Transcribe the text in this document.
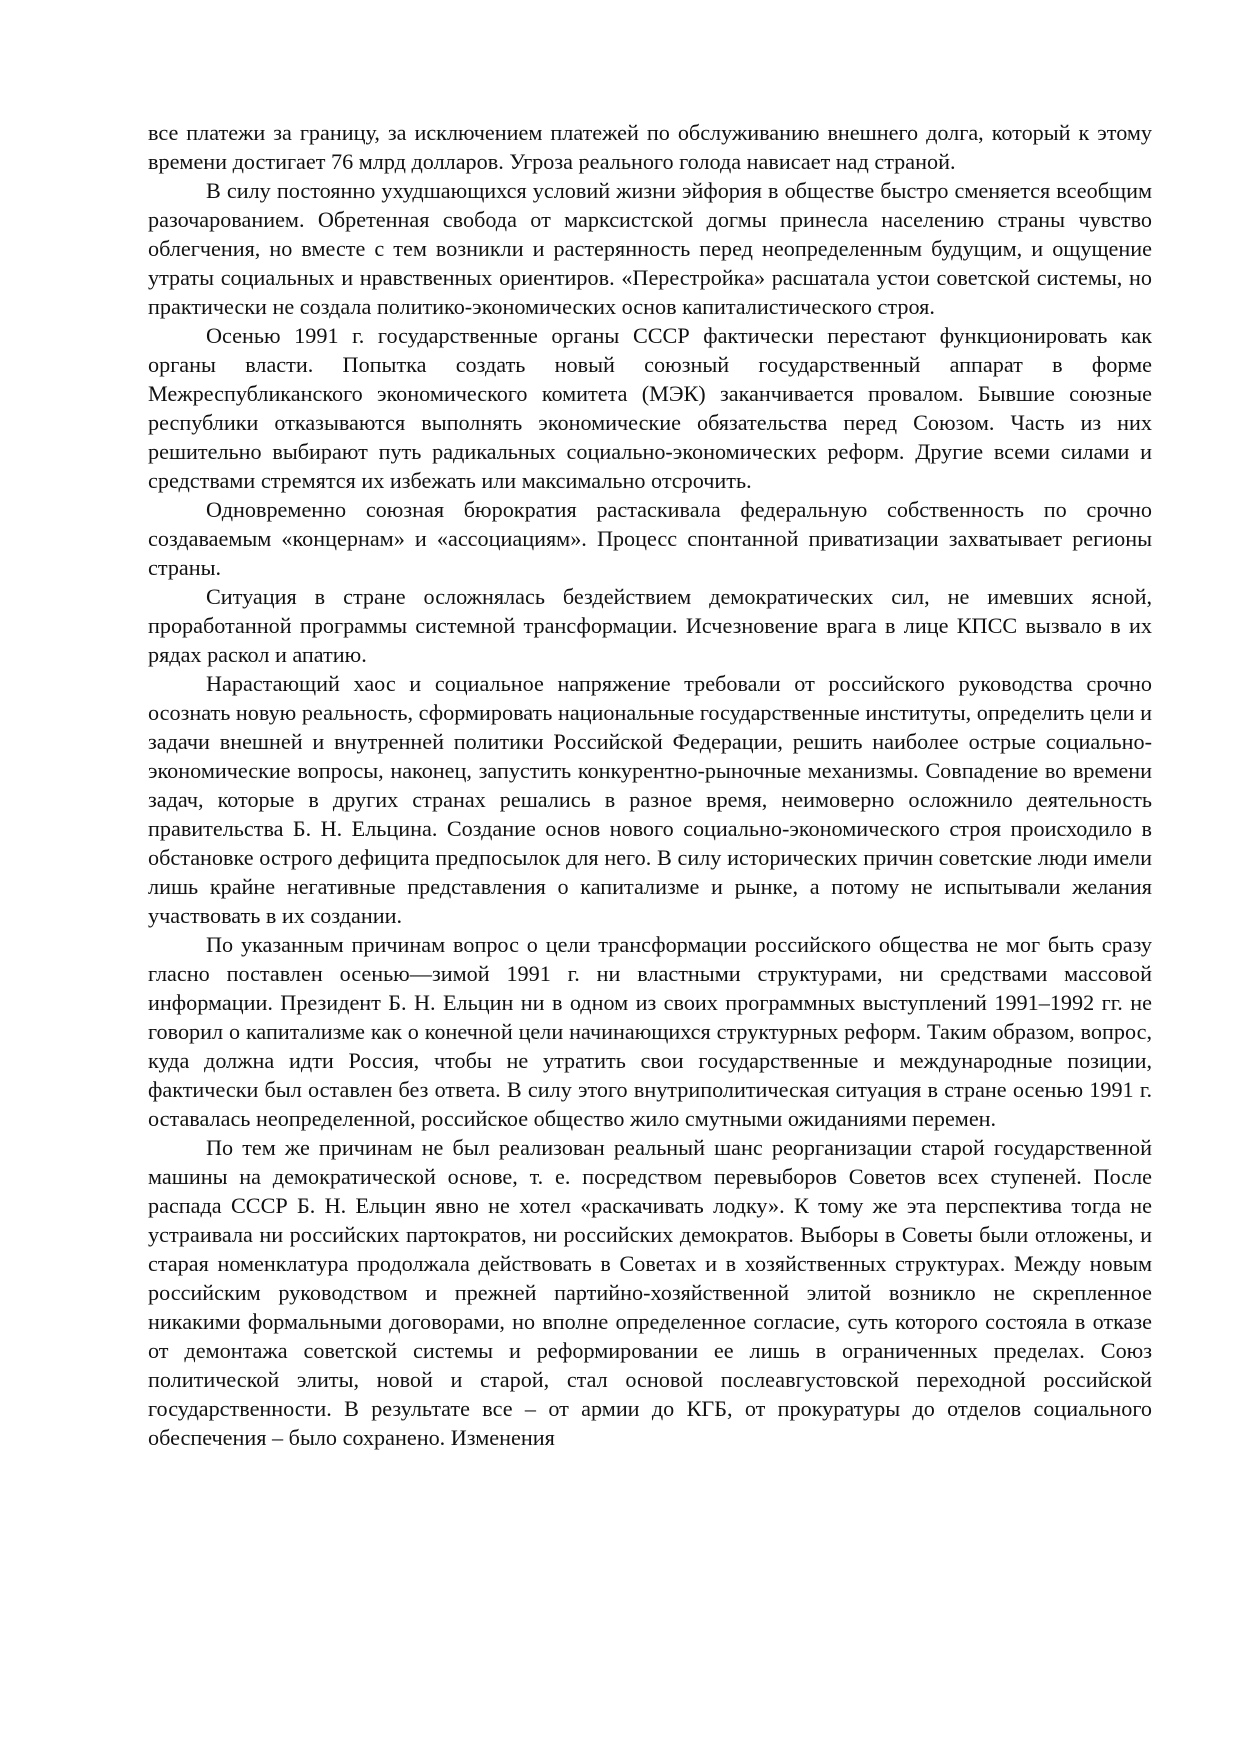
все платежи за границу, за исключением платежей по обслуживанию внешнего долга, который к этому времени достигает 76 млрд долларов. Угроза реального голода нависает над страной.

В силу постоянно ухудшающихся условий жизни эйфория в обществе быстро сменяется всеобщим разочарованием. Обретенная свобода от марксистской догмы принесла населению страны чувство облегчения, но вместе с тем возникли и растерянность перед неопределенным будущим, и ощущение утраты социальных и нравственных ориентиров. «Перестройка» расшатала устои советской системы, но практически не создала политико-экономических основ капиталистического строя.

Осенью 1991 г. государственные органы СССР фактически перестают функционировать как органы власти. Попытка создать новый союзный государственный аппарат в форме Межреспубликанского экономического комитета (МЭК) заканчивается провалом. Бывшие союзные республики отказываются выполнять экономические обязательства перед Союзом. Часть из них решительно выбирают путь радикальных социально-экономических реформ. Другие всеми силами и средствами стремятся их избежать или максимально отсрочить.

Одновременно союзная бюрократия растаскивала федеральную собственность по срочно создаваемым «концернам» и «ассоциациям». Процесс спонтанной приватизации захватывает регионы страны.

Ситуация в стране осложнялась бездействием демократических сил, не имевших ясной, проработанной программы системной трансформации. Исчезновение врага в лице КПСС вызвало в их рядах раскол и апатию.

Нарастающий хаос и социальное напряжение требовали от российского руководства срочно осознать новую реальность, сформировать национальные государственные институты, определить цели и задачи внешней и внутренней политики Российской Федерации, решить наиболее острые социально-экономические вопросы, наконец, запустить конкурентно-рыночные механизмы. Совпадение во времени задач, которые в других странах решались в разное время, неимоверно осложнило деятельность правительства Б. Н. Ельцина. Создание основ нового социально-экономического строя происходило в обстановке острого дефицита предпосылок для него. В силу исторических причин советские люди имели лишь крайне негативные представления о капитализме и рынке, а потому не испытывали желания участвовать в их создании.

По указанным причинам вопрос о цели трансформации российского общества не мог быть сразу гласно поставлен осенью—зимой 1991 г. ни властными структурами, ни средствами массовой информации. Президент Б. Н. Ельцин ни в одном из своих программных выступлений 1991–1992 гг. не говорил о капитализме как о конечной цели начинающихся структурных реформ. Таким образом, вопрос, куда должна идти Россия, чтобы не утратить свои государственные и международные позиции, фактически был оставлен без ответа. В силу этого внутриполитическая ситуация в стране осенью 1991 г. оставалась неопределенной, российское общество жило смутными ожиданиями перемен.

По тем же причинам не был реализован реальный шанс реорганизации старой государственной машины на демократической основе, т. е. посредством перевыборов Советов всех ступеней. После распада СССР Б. Н. Ельцин явно не хотел «раскачивать лодку». К тому же эта перспектива тогда не устраивала ни российских партократов, ни российских демократов. Выборы в Советы были отложены, и старая номенклатура продолжала действовать в Советах и в хозяйственных структурах. Между новым российским руководством и прежней партийно-хозяйственной элитой возникло не скрепленное никакими формальными договорами, но вполне определенное согласие, суть которого состояла в отказе от демонтажа советской системы и реформировании ее лишь в ограниченных пределах. Союз политической элиты, новой и старой, стал основой послеавгустовской переходной российской государственности. В результате все – от армии до КГБ, от прокуратуры до отделов социального обеспечения – было сохранено. Изменения
